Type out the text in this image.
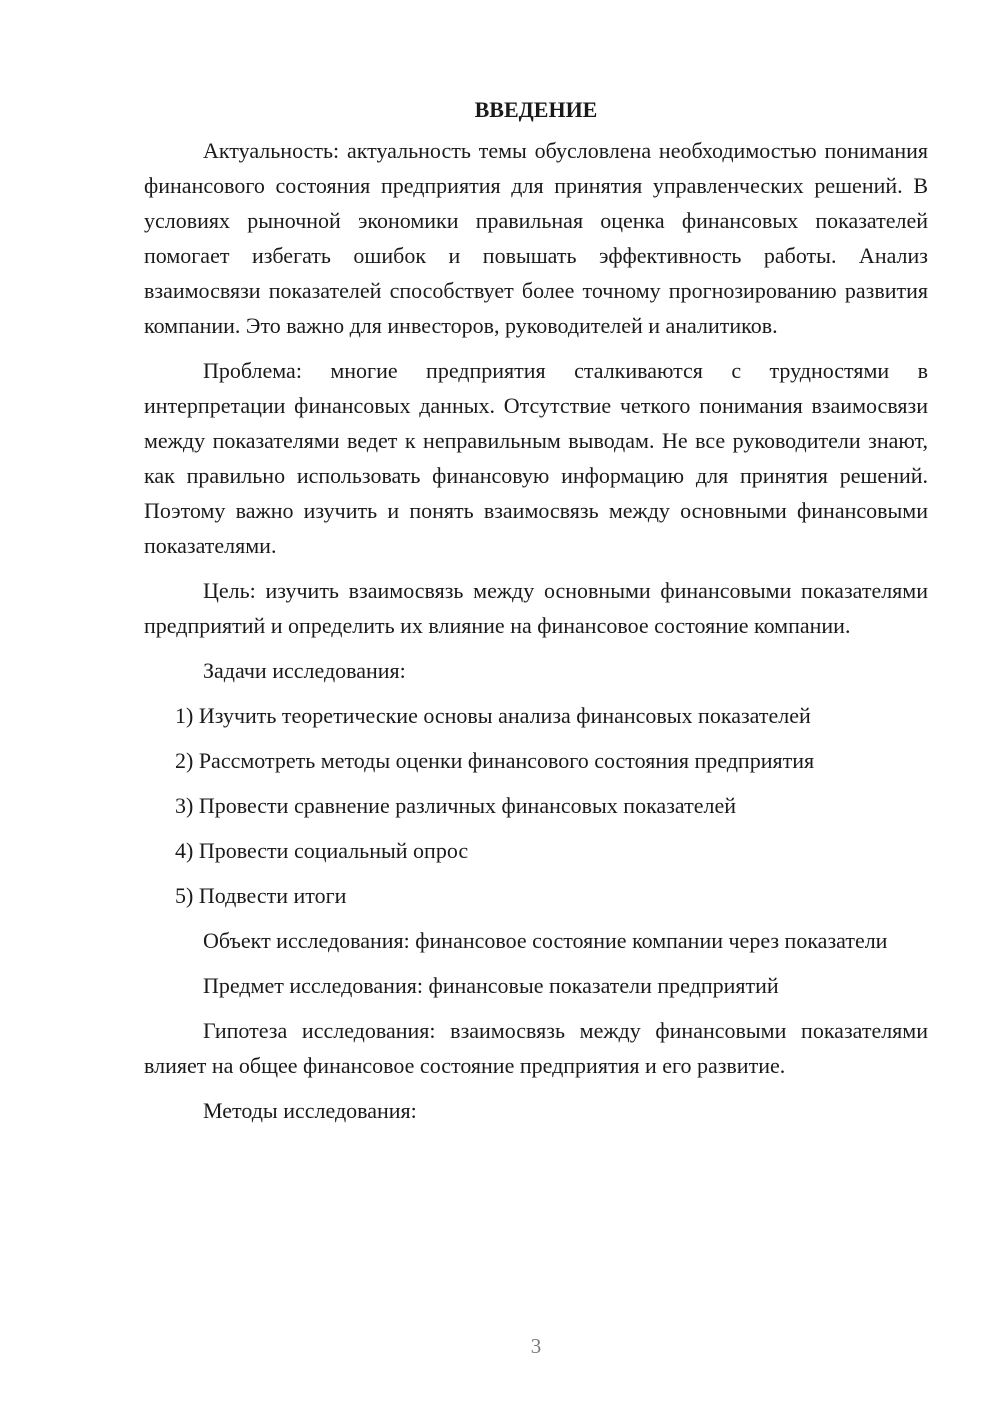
ВВЕДЕНИЕ

Актуальность: актуальность темы обусловлена необходимостью понимания финансового состояния предприятия для принятия управленческих решений. В условиях рыночной экономики правильная оценка финансовых показателей помогает избегать ошибок и повышать эффективность работы. Анализ взаимосвязи показателей способствует более точному прогнозированию развития компании. Это важно для инвесторов, руководителей и аналитиков.

Проблема: многие предприятия сталкиваются с трудностями в интерпретации финансовых данных. Отсутствие четкого понимания взаимосвязи между показателями ведет к неправильным выводам. Не все руководители знают, как правильно использовать финансовую информацию для принятия решений. Поэтому важно изучить и понять взаимосвязь между основными финансовыми показателями.

Цель: изучить взаимосвязь между основными финансовыми показателями предприятий и определить их влияние на финансовое состояние компании.

Задачи исследования:

1) Изучить теоретические основы анализа финансовых показателей
2) Рассмотреть методы оценки финансового состояния предприятия
3) Провести сравнение различных финансовых показателей
4) Провести социальный опрос
5) Подвести итоги

Объект исследования: финансовое состояние компании через показатели

Предмет исследования: финансовые показатели предприятий

Гипотеза исследования: взаимосвязь между финансовыми показателями влияет на общее финансовое состояние предприятия и его развитие.

Методы исследования:

3
